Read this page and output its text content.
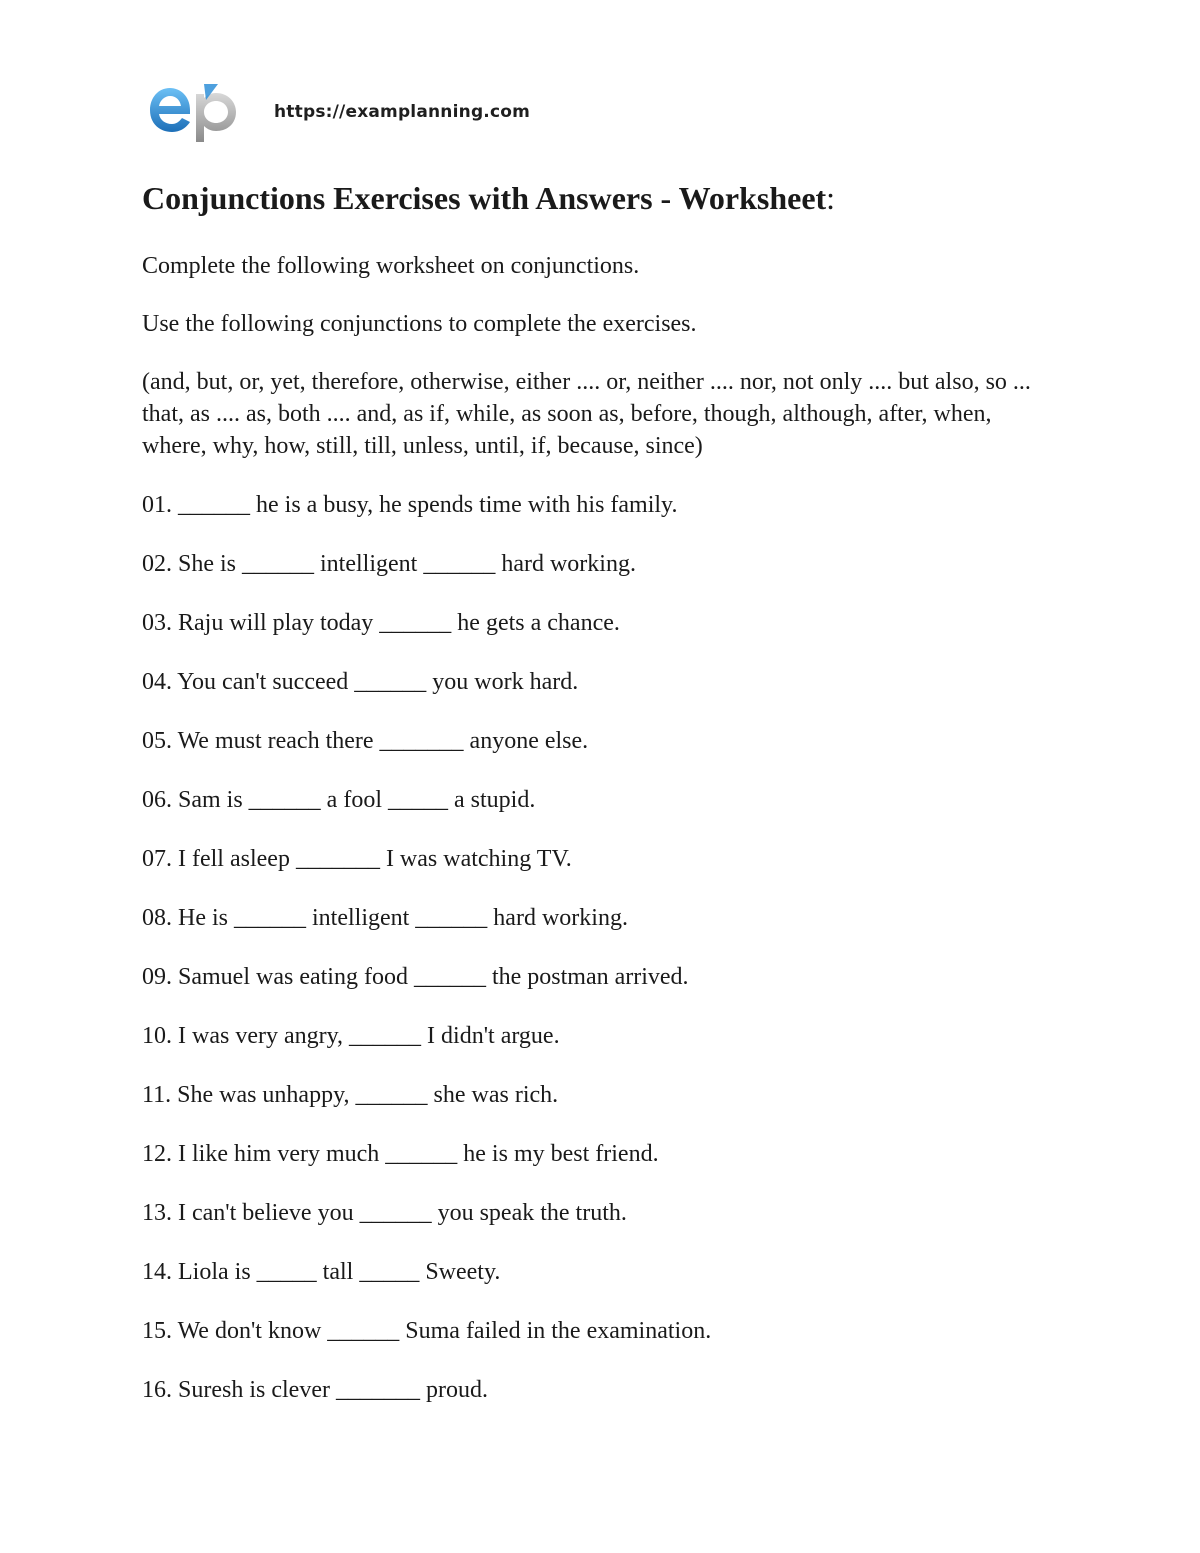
https://examplanning.com
Conjunctions Exercises with Answers - Worksheet:

Complete the following worksheet on conjunctions.

Use the following conjunctions to complete the exercises.

(and, but, or, yet, therefore, otherwise, either .... or, neither .... nor, not only .... but also, so ... that, as .... as, both .... and, as if, while, as soon as, before, though, although, after, when, where, why, how, still, till, unless, until, if, because, since)

01. ______ he is a busy, he spends time with his family.
02. She is ______ intelligent ______ hard working.
03. Raju will play today ______ he gets a chance.
04. You can't succeed ______ you work hard.
05. We must reach there _______ anyone else.
06. Sam is ______ a fool _____ a stupid.
07. I fell asleep _______ I was watching TV.
08. He is ______ intelligent ______ hard working.
09. Samuel was eating food ______ the postman arrived.
10. I was very angry, ______ I didn't argue.
11. She was unhappy, ______ she was rich.
12. I like him very much ______ he is my best friend.
13. I can't believe you ______ you speak the truth.
14. Liola is _____ tall _____ Sweety.
15. We don't know ______ Suma failed in the examination.
16. Suresh is clever _______ proud.
